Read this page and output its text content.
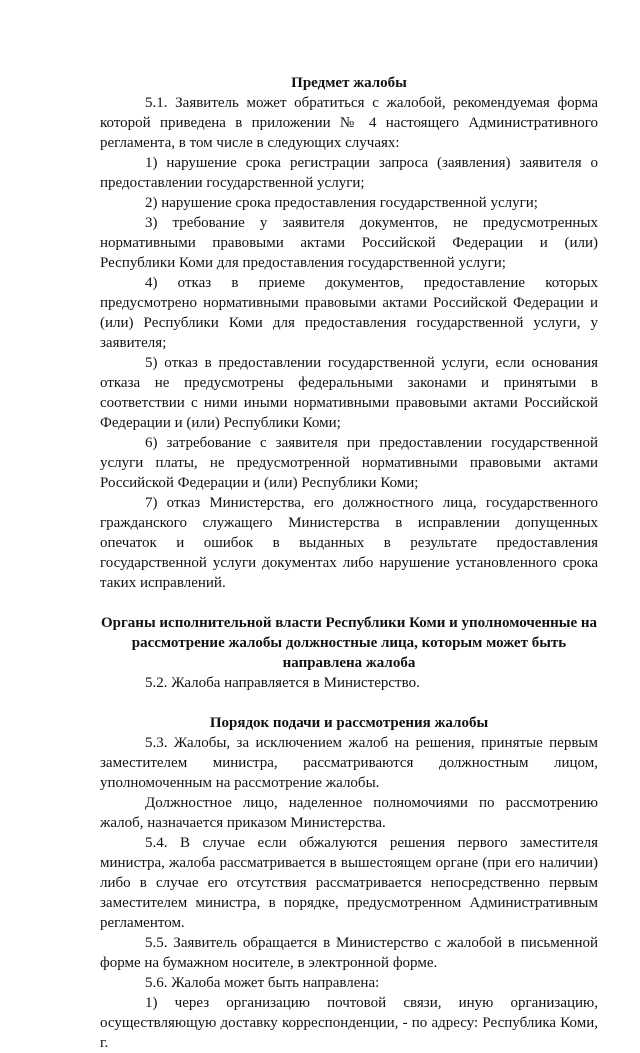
Предмет жалобы

5.1. Заявитель может обратиться с жалобой, рекомендуемая форма которой приведена в приложении № 4 настоящего Административного регламента, в том числе в следующих случаях:

1) нарушение срока регистрации запроса (заявления) заявителя о предоставлении государственной услуги;

2) нарушение срока предоставления государственной услуги;

3) требование у заявителя документов, не предусмотренных нормативными правовыми актами Российской Федерации и (или) Республики Коми для предоставления государственной услуги;

4) отказ в приеме документов, предоставление которых предусмотрено нормативными правовыми актами Российской Федерации и (или) Республики Коми для предоставления государственной услуги, у заявителя;

5) отказ в предоставлении государственной услуги, если основания отказа не предусмотрены федеральными законами и принятыми в соответствии с ними иными нормативными правовыми актами Российской Федерации и (или) Республики Коми;

6) затребование с заявителя при предоставлении государственной услуги платы, не предусмотренной нормативными правовыми актами Российской Федерации и (или) Республики Коми;

7) отказ Министерства, его должностного лица, государственного гражданского служащего Министерства в исправлении допущенных опечаток и ошибок в выданных в результате предоставления государственной услуги документах либо нарушение установленного срока таких исправлений.

Органы исполнительной власти Республики Коми и уполномоченные на рассмотрение жалобы должностные лица, которым может быть направлена жалоба

5.2. Жалоба направляется в Министерство.

Порядок подачи и рассмотрения жалобы

5.3. Жалобы, за исключением жалоб на решения, принятые первым заместителем министра, рассматриваются должностным лицом, уполномоченным на рассмотрение жалобы.

Должностное лицо, наделенное полномочиями по рассмотрению жалоб, назначается приказом Министерства.

5.4. В случае если обжалуются решения первого заместителя министра, жалоба рассматривается в вышестоящем органе (при его наличии) либо в случае его отсутствия рассматривается непосредственно первым заместителем министра, в порядке, предусмотренном Административным регламентом.

5.5. Заявитель обращается в Министерство с жалобой в письменной форме на бумажном носителе, в электронной форме.

5.6. Жалоба может быть направлена:

1) через организацию почтовой связи, иную организацию, осуществляющую доставку корреспонденции, - по адресу: Республика Коми, г.
